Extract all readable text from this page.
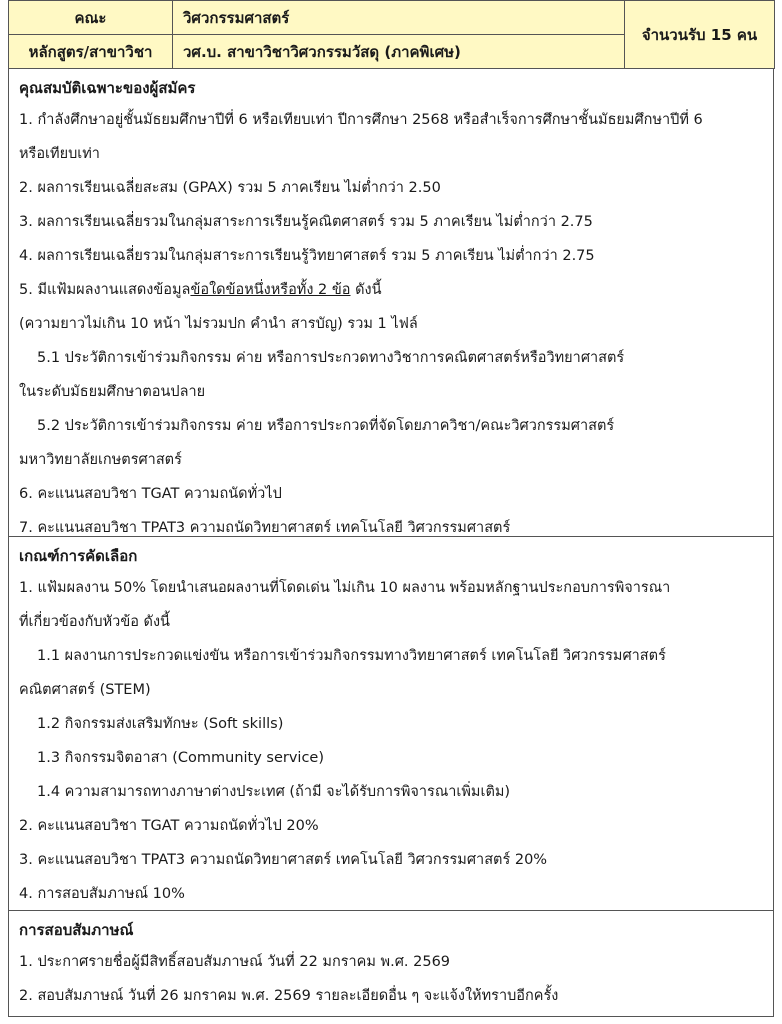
คณะ	วิศวกรรมศาสตร์	จำนวนรับ 15 คน
หลักสูตร/สาขาวิชา	วศ.บ. สาขาวิชาวิศวกรรมวัสดุ (ภาคพิเศษ)	
คุณสมบัติเฉพาะของผู้สมัคร
1. กำลังศึกษาอยู่ชั้นมัธยมศึกษาปีที่ 6 หรือเทียบเท่า ปีการศึกษา 2568 หรือสำเร็จการศึกษาชั้นมัธยมศึกษาปีที่ 6
หรือเทียบเท่า
2. ผลการเรียนเฉลี่ยสะสม (GPAX) รวม 5 ภาคเรียน ไม่ต่ำกว่า 2.50
3. ผลการเรียนเฉลี่ยรวมในกลุ่มสาระการเรียนรู้คณิตศาสตร์ รวม 5 ภาคเรียน ไม่ต่ำกว่า 2.75
4. ผลการเรียนเฉลี่ยรวมในกลุ่มสาระการเรียนรู้วิทยาศาสตร์ รวม 5 ภาคเรียน ไม่ต่ำกว่า 2.75
5. มีแฟ้มผลงานแสดงข้อมูลข้อใดข้อหนึ่งหรือทั้ง 2 ข้อ ดังนี้
(ความยาวไม่เกิน 10 หน้า ไม่รวมปก คำนำ สารบัญ) รวม 1 ไฟล์
5.1 ประวัติการเข้าร่วมกิจกรรม ค่าย หรือการประกวดทางวิชาการคณิตศาสตร์หรือวิทยาศาสตร์
ในระดับมัธยมศึกษาตอนปลาย
5.2 ประวัติการเข้าร่วมกิจกรรม ค่าย หรือการประกวดที่จัดโดยภาควิชา/คณะวิศวกรรมศาสตร์
มหาวิทยาลัยเกษตรศาสตร์
6. คะแนนสอบวิชา TGAT ความถนัดทั่วไป
7. คะแนนสอบวิชา TPAT3 ความถนัดวิทยาศาสตร์ เทคโนโลยี วิศวกรรมศาสตร์
เกณฑ์การคัดเลือก
1. แฟ้มผลงาน 50% โดยนำเสนอผลงานที่โดดเด่น ไม่เกิน 10 ผลงาน พร้อมหลักฐานประกอบการพิจารณา
ที่เกี่ยวข้องกับหัวข้อ ดังนี้
1.1 ผลงานการประกวดแข่งขัน หรือการเข้าร่วมกิจกรรมทางวิทยาศาสตร์ เทคโนโลยี วิศวกรรมศาสตร์
คณิตศาสตร์ (STEM)
1.2 กิจกรรมส่งเสริมทักษะ (Soft skills)
1.3 กิจกรรมจิตอาสา (Community service)
1.4 ความสามารถทางภาษาต่างประเทศ (ถ้ามี จะได้รับการพิจารณาเพิ่มเติม)
2. คะแนนสอบวิชา TGAT ความถนัดทั่วไป 20%
3. คะแนนสอบวิชา TPAT3 ความถนัดวิทยาศาสตร์ เทคโนโลยี วิศวกรรมศาสตร์ 20%
4. การสอบสัมภาษณ์ 10%
การสอบสัมภาษณ์
1. ประกาศรายชื่อผู้มีสิทธิ์สอบสัมภาษณ์ วันที่ 22 มกราคม พ.ศ. 2569
2. สอบสัมภาษณ์ วันที่ 26 มกราคม พ.ศ. 2569 รายละเอียดอื่น ๆ จะแจ้งให้ทราบอีกครั้ง
